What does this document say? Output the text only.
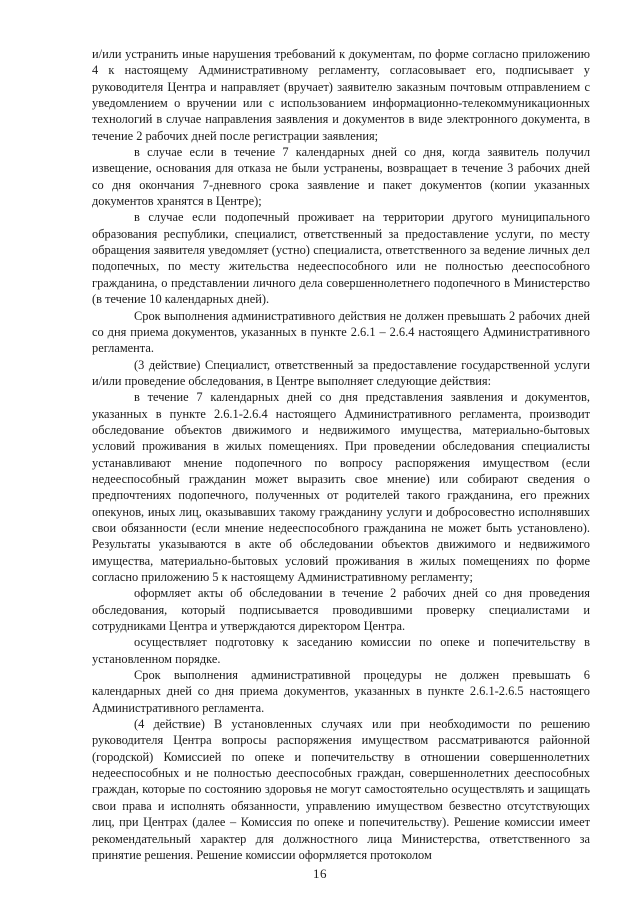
и/или устранить иные нарушения требований к документам, по форме согласно приложению 4 к настоящему Административному регламенту, согласовывает его, подписывает у руководителя Центра и направляет (вручает) заявителю заказным почтовым отправлением с уведомлением о вручении или с использованием информационно-телекоммуникационных технологий в случае направления заявления и документов в виде электронного документа, в течение 2 рабочих дней после регистрации заявления;

в случае если в течение 7 календарных дней со дня, когда заявитель получил извещение, основания для отказа не были устранены, возвращает в течение 3 рабочих дней со дня окончания 7-дневного срока заявление и пакет документов (копии указанных документов хранятся в Центре);

в случае если подопечный проживает на территории другого муниципального образования республики, специалист, ответственный за предоставление услуги, по месту обращения заявителя уведомляет (устно) специалиста, ответственного за ведение личных дел подопечных, по месту жительства недееспособного или не полностью дееспособного гражданина, о представлении личного дела совершеннолетнего подопечного в Министерство (в течение 10 календарных дней).

Срок выполнения административного действия не должен превышать 2 рабочих дней со дня приема документов, указанных в пункте 2.6.1 – 2.6.4 настоящего Административного регламента.

(3 действие) Специалист, ответственный за предоставление государственной услуги и/или проведение обследования, в Центре выполняет следующие действия:

в течение 7 календарных дней со дня представления заявления и документов, указанных в пункте 2.6.1-2.6.4 настоящего Административного регламента, производит обследование объектов движимого и недвижимого имущества, материально-бытовых условий проживания в жилых помещениях. При проведении обследования специалисты устанавливают мнение подопечного по вопросу распоряжения имуществом (если недееспособный гражданин может выразить свое мнение) или собирают сведения о предпочтениях подопечного, полученных от родителей такого гражданина, его прежних опекунов, иных лиц, оказывавших такому гражданину услуги и добросовестно исполнявших свои обязанности (если мнение недееспособного гражданина не может быть установлено). Результаты указываются в акте об обследовании объектов движимого и недвижимого имущества, материально-бытовых условий проживания в жилых помещениях по форме согласно приложению 5 к настоящему Административному регламенту;

оформляет акты об обследовании в течение 2 рабочих дней со дня проведения обследования, который подписывается проводившими проверку специалистами и сотрудниками Центра и утверждаются директором Центра.

осуществляет подготовку к заседанию комиссии по опеке и попечительству в установленном порядке.

Срок выполнения административной процедуры не должен превышать 6 календарных дней со дня приема документов, указанных в пункте 2.6.1-2.6.5 настоящего Административного регламента.

(4 действие) В установленных случаях или при необходимости по решению руководителя Центра вопросы распоряжения имуществом рассматриваются районной (городской) Комиссией по опеке и попечительству в отношении совершеннолетних недееспособных и не полностью дееспособных граждан, совершеннолетних дееспособных граждан, которые по состоянию здоровья не могут самостоятельно осуществлять и защищать свои права и исполнять обязанности, управлению имуществом безвестно отсутствующих лиц, при Центрах (далее – Комиссия по опеке и попечительству). Решение комиссии имеет рекомендательный характер для должностного лица Министерства, ответственного за принятие решения. Решение комиссии оформляется протоколом

16
